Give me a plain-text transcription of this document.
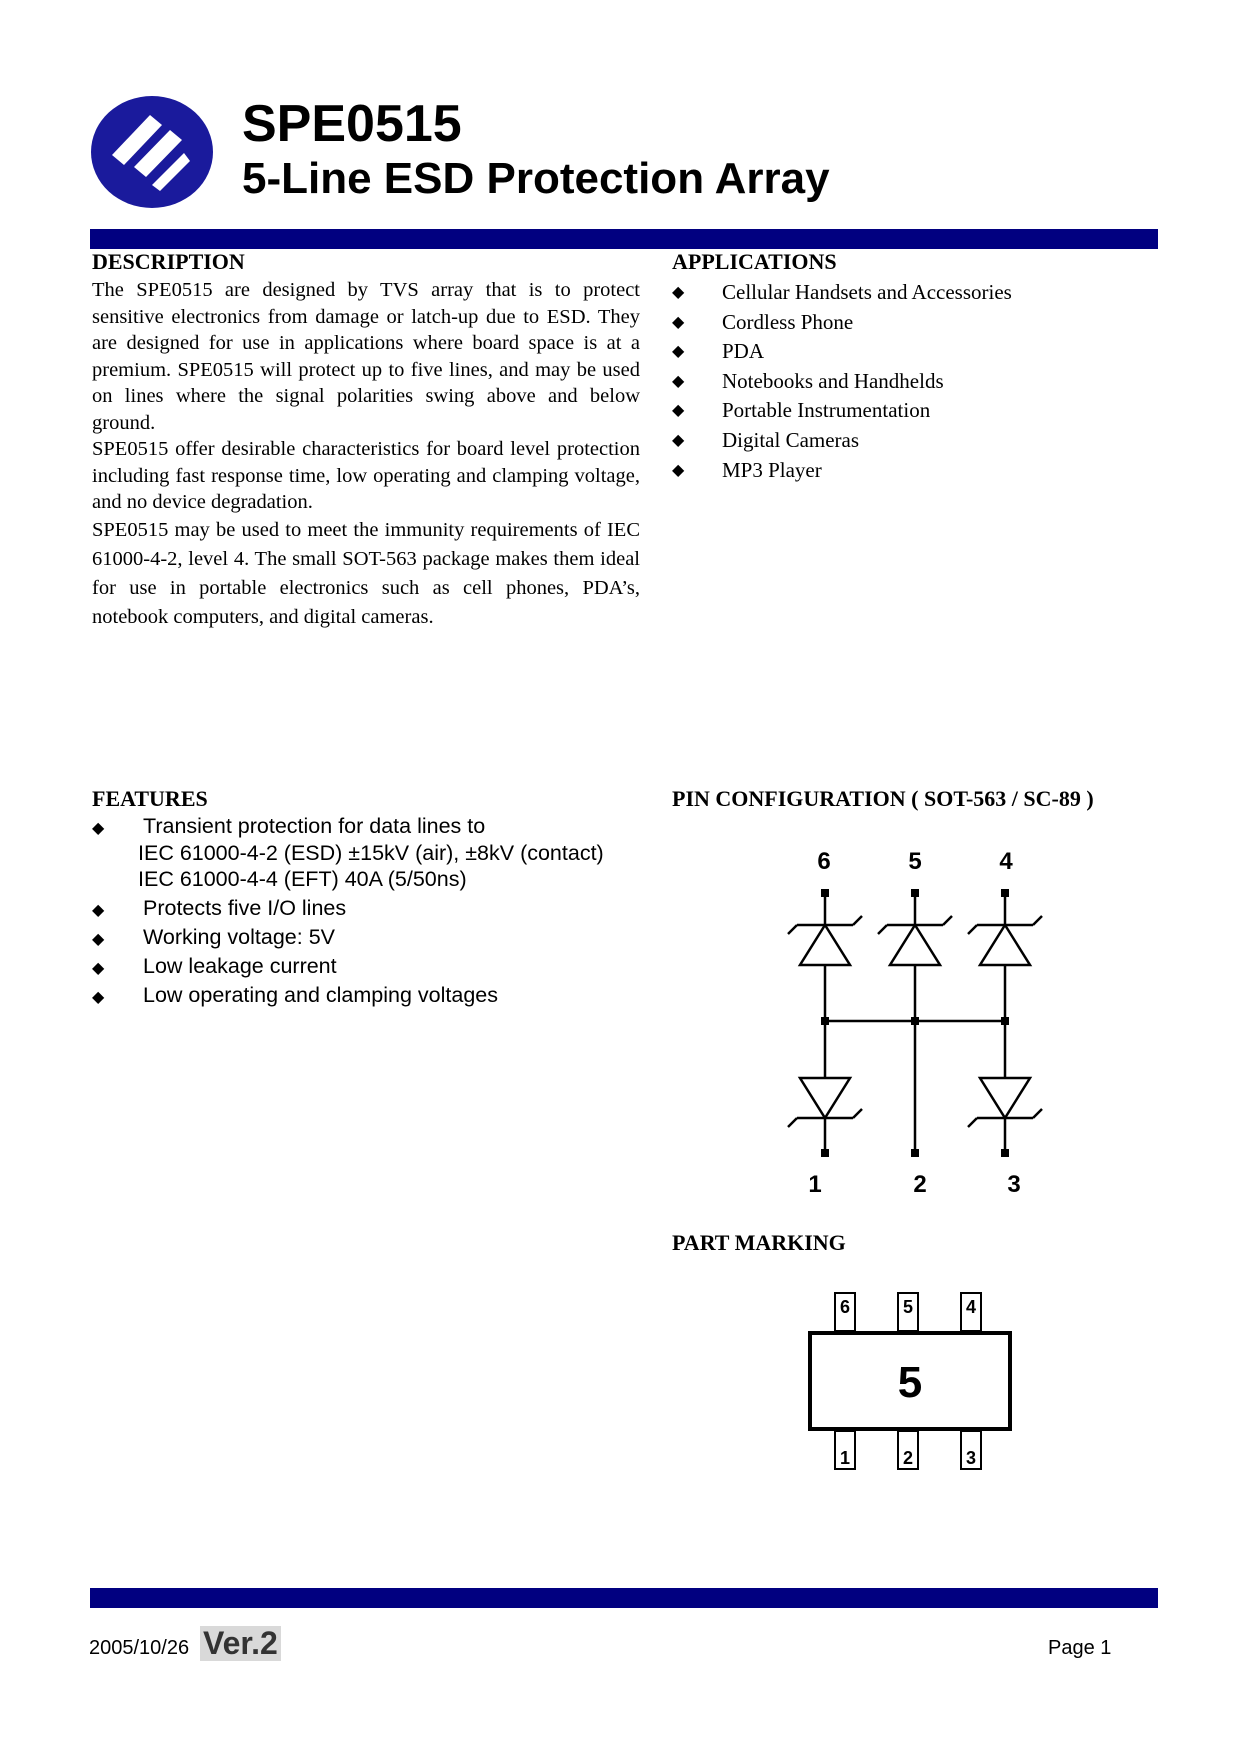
SPE0515
5-Line ESD Protection Array
DESCRIPTION

The SPE0515 are designed by TVS array that is to protect sensitive electronics from damage or latch-up due to ESD. They are designed for use in applications where board space is at a premium. SPE0515 will protect up to five lines, and may be used on lines where the signal polarities swing above and below ground.

SPE0515 offer desirable characteristics for board level protection including fast response time, low operating and clamping voltage, and no device degradation.

SPE0515 may be used to meet the immunity requirements of IEC 61000-4-2, level 4. The small SOT-563 package makes them ideal for use in portable electronics such as cell phones, PDA’s, notebook computers, and digital cameras.

APPLICATIONS
◆ Cellular Handsets and Accessories
◆ Cordless Phone
◆ PDA
◆ Notebooks and Handhelds
◆ Portable Instrumentation
◆ Digital Cameras
◆ MP3 Player
FEATURES
◆ Transient protection for data lines to
IEC 61000-4-2 (ESD) ±15kV (air), ±8kV (contact)
IEC 61000-4-4 (EFT) 40A (5/50ns)
◆ Protects five I/O lines
◆ Working voltage: 5V
◆ Low leakage current
◆ Low operating and clamping voltages
PIN CONFIGURATION ( SOT-563 / SC-89 )
6	5	4
1	2	3
PART MARKING
6	5	4
1	2	3
5
2005/10/26 Ver.2	Page 1
